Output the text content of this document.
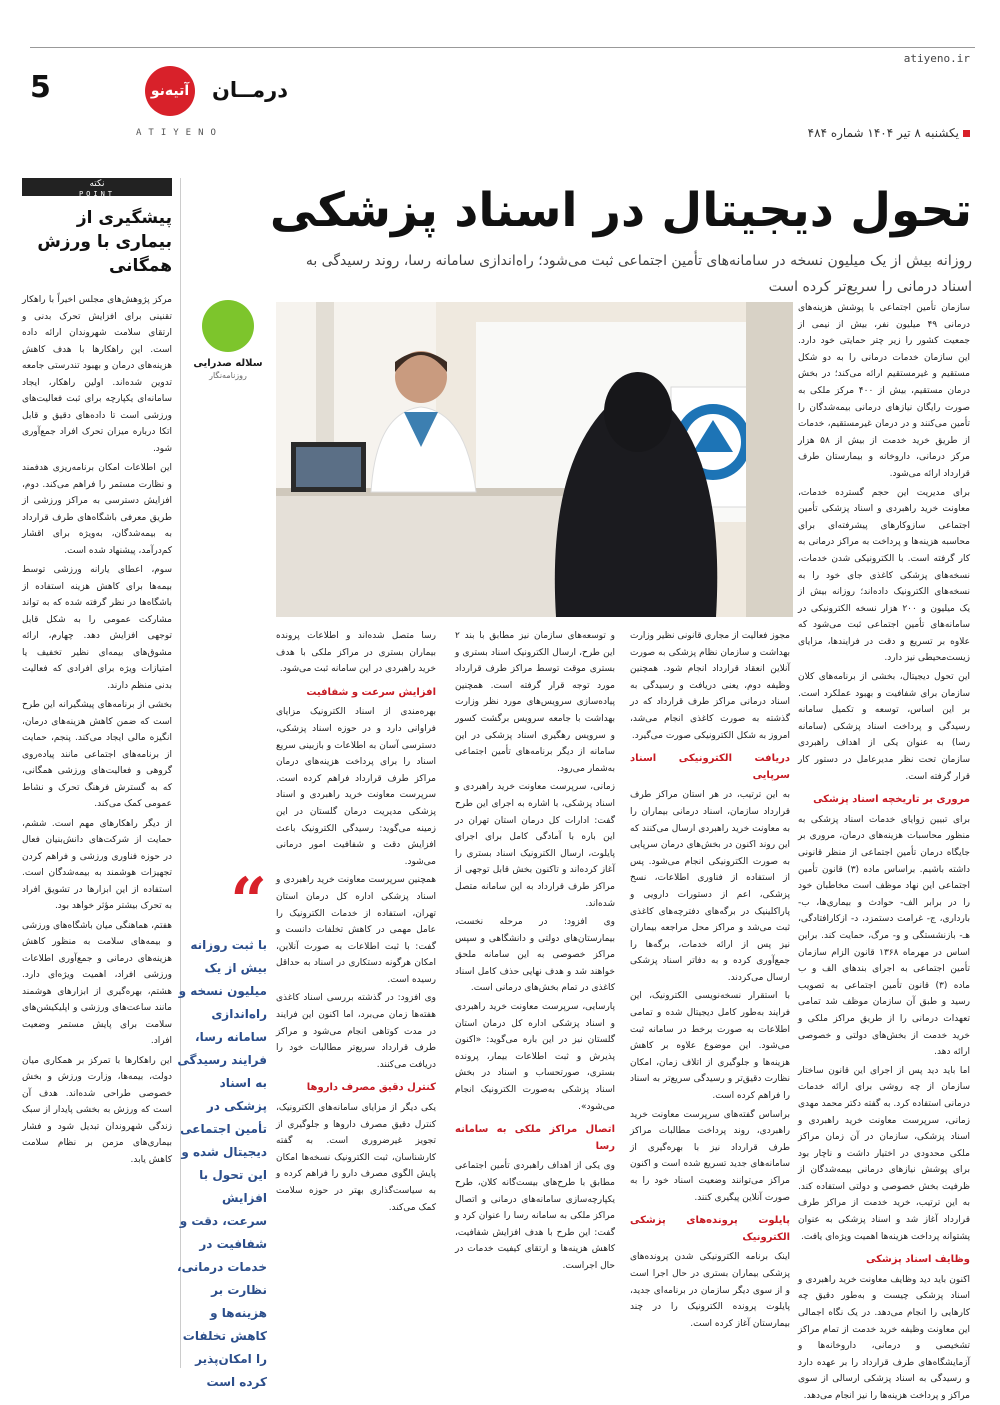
atiyeno.ir
5	درمــان
آتیه‌نو
ATIYENO	یکشنبه ۸ تیر ۱۴۰۴ شماره ۴۸۴
نکته
POINT
پیشگیری از بیماری با ورزش همگانی

مرکز پژوهش‌های مجلس اخیراً با راهکار تقنینی برای افزایش تحرک بدنی و ارتقای سلامت شهروندان ارائه داده است. این راهکارها با هدف کاهش هزینه‌های درمان و بهبود تندرستی جامعه تدوین شده‌اند. اولین راهکار، ایجاد سامانه‌ای یکپارچه برای ثبت فعالیت‌های ورزشی است تا داده‌های دقیق و قابل اتکا درباره میزان تحرک افراد جمع‌آوری شود.

این اطلاعات امکان برنامه‌ریزی هدفمند و نظارت مستمر را فراهم می‌کند. دوم، افزایش دسترسی به مراکز ورزشی از طریق معرفی باشگاه‌های طرف قرارداد به بیمه‌شدگان، به‌ویژه برای اقشار کم‌درآمد، پیشنهاد شده است.

سوم، اعطای یارانه ورزشی توسط بیمه‌ها برای کاهش هزینه استفاده از باشگاه‌ها در نظر گرفته شده که به تواند مشارکت عمومی را به شکل قابل توجهی افزایش دهد. چهارم، ارائه مشوق‌های بیمه‌ای نظیر تخفیف یا امتیازات ویژه برای افرادی که فعالیت بدنی منظم دارند.

بخشی از برنامه‌های پیشگیرانه این طرح است که ضمن کاهش هزینه‌های درمان، انگیزه مالی ایجاد می‌کند. پنجم، حمایت از برنامه‌های اجتماعی مانند پیاده‌روی گروهی و فعالیت‌های ورزشی همگانی، که به گسترش فرهنگ تحرک و نشاط عمومی کمک می‌کند.

از دیگر راهکارهای مهم است. ششم، حمایت از شرکت‌های دانش‌بنیان فعال در حوزه فناوری ورزشی و فراهم کردن تجهیزات هوشمند به بیمه‌شدگان است. استفاده از این ابزارها در تشویق افراد به تحرک بیشتر مؤثر خواهد بود.

هفتم، هماهنگی میان باشگاه‌های ورزشی و بیمه‌های سلامت به منظور کاهش هزینه‌های درمانی و جمع‌آوری اطلاعات ورزشی افراد، اهمیت ویژه‌ای دارد. هشتم، بهره‌گیری از ابزارهای هوشمند مانند ساعت‌های ورزشی و اپلیکیشن‌های سلامت برای پایش مستمر وضعیت افراد.

این راهکارها با تمرکز بر همکاری میان دولت، بیمه‌ها، وزارت ورزش و بخش خصوصی طراحی شده‌اند. هدف آن است که ورزش به بخشی پایدار از سبک زندگی شهروندان تبدیل شود و فشار بیماری‌های مزمن بر نظام سلامت کاهش یابد.

سلاله صدرایی
روزنامه‌نگار
“
با ثبت روزانه بیش از یک میلیون نسخه و راه‌اندازی سامانه رسا، فرایند رسیدگی به اسناد پزشکی در تأمین اجتماعی دیجیتال شده و این تحول با افزایش سرعت، دقت و شفافیت در خدمات درمانی، نظارت بر هزینه‌ها و کاهش تخلفات را امکان‌پذیر کرده است
تحول دیجیتال در اسناد پزشکی

روزانه بیش از یک میلیون نسخه در سامانه‌های تأمین اجتماعی ثبت می‌شود؛ راه‌اندازی سامانه رسا، روند رسیدگی به اسناد درمانی را سریع‌تر کرده است

سازمان تأمین اجتماعی با پوشش هزینه‌های درمانی ۴۹ میلیون نفر، بیش از نیمی از جمعیت کشور را زیر چتر حمایتی خود دارد. این سازمان خدمات درمانی را به دو شکل مستقیم و غیرمستقیم ارائه می‌کند؛ در بخش درمان مستقیم، بیش از ۴۰۰ مرکز ملکی به صورت رایگان نیازهای درمانی بیمه‌شدگان را تأمین می‌کنند و در درمان غیرمستقیم، خدمات از طریق خرید خدمت از بیش از ۵۸ هزار مرکز درمانی، داروخانه و بیمارستان طرف قرارداد ارائه می‌شود.

برای مدیریت این حجم گسترده خدمات، معاونت خرید راهبردی و اسناد پزشکی تأمین اجتماعی سازوکارهای پیشرفته‌ای برای محاسبه هزینه‌ها و پرداخت به مراکز درمانی به کار گرفته است. با الکترونیکی شدن خدمات، نسخه‌های پزشکی کاغذی جای خود را به نسخه‌های الکترونیک داده‌اند؛ روزانه بیش از یک میلیون و ۲۰۰ هزار نسخه الکترونیکی در سامانه‌های تأمین اجتماعی ثبت می‌شود که علاوه بر تسریع و دقت در فرایندها، مزایای زیست‌محیطی نیز دارد.

این تحول دیجیتال، بخشی از برنامه‌های کلان سازمان برای شفافیت و بهبود عملکرد است. بر این اساس، توسعه و تکمیل سامانه رسیدگی و پرداخت اسناد پزشکی (سامانه رسا) به عنوان یکی از اهداف راهبردی سازمان تحت نظر مدیرعامل در دستور کار قرار گرفته است.

مروری بر تاریخچه اسناد پزشکی

برای تبیین زوایای خدمات اسناد پزشکی به منظور محاسبات هزینه‌های درمان، مروری بر جایگاه درمان تأمین اجتماعی از منظر قانونی داشته باشیم. براساس ماده (۳) قانون تأمین اجتماعی این نهاد موظف است مخاطبان خود را در برابر الف- حوادث و بیماری‌ها، ب- بارداری، ج- غرامت دستمزد، د- ازکارافتادگی، هـ- بازنشستگی و و- مرگ، حمایت کند. براین اساس در مهرماه ۱۳۶۸ قانون الزام سازمان تأمین اجتماعی به اجرای بندهای الف و ب ماده (۳) قانون تأمین اجتماعی به تصویب رسید و طبق آن سازمان موظف شد تمامی تعهدات درمانی را از طریق مراکز ملکی و خرید خدمت از بخش‌های دولتی و خصوصی ارائه دهد.

اما باید دید پس از اجرای این قانون ساختار سازمان از چه روشی برای ارائه خدمات درمانی استفاده کرد. به گفته دکتر محمد مهدی زمانی، سرپرست معاونت خرید راهبردی و اسناد پزشکی، سازمان در آن زمان مراکز ملکی محدودی در اختیار داشت و ناچار بود برای پوشش نیازهای درمانی بیمه‌شدگان از ظرفیت بخش خصوصی و دولتی استفاده کند. به این ترتیب، خرید خدمت از مراکز طرف قرارداد آغاز شد و اسناد پزشکی به عنوان پشتوانه پرداخت هزینه‌ها اهمیت ویژه‌ای یافت.

وظایف اسناد پزشکی

اکنون باید دید وظایف معاونت خرید راهبردی و اسناد پزشکی چیست و به‌طور دقیق چه کارهایی را انجام می‌دهد. در یک نگاه اجمالی این معاونت وظیفه خرید خدمت از تمام مراکز تشخیصی و درمانی، داروخانه‌ها و آزمایشگاه‌های طرف قرارداد را بر عهده دارد و رسیدگی به اسناد پزشکی ارسالی از سوی مراکز و پرداخت هزینه‌ها را نیز انجام می‌دهد.

مجوز فعالیت از مجاری قانونی نظیر وزارت بهداشت و سازمان نظام پزشکی به صورت آنلاین انعقاد قرارداد انجام شود. همچنین وظیفه دوم، یعنی دریافت و رسیدگی به اسناد درمانی مراکز طرف قرارداد که در گذشته به صورت کاغذی انجام می‌شد، امروز به شکل الکترونیکی صورت می‌گیرد.

دریافت الکترونیکی اسناد سرپایی

به این ترتیب، در هر استان مراکز طرف قرارداد سازمان، اسناد درمانی بیماران را به معاونت خرید راهبردی ارسال می‌کنند که این روند اکنون در بخش‌های درمان سرپایی به صورت الکترونیکی انجام می‌شود. پس از استفاده از فناوری اطلاعات، نسخ پزشکی، اعم از دستورات دارویی و پاراکلینیک در برگه‌های دفترچه‌های کاغذی ثبت می‌شد و مراکز محل مراجعه بیماران نیز پس از ارائه خدمات، برگه‌ها را جمع‌آوری کرده و به دفاتر اسناد پزشکی ارسال می‌کردند.

با استقرار نسخه‌نویسی الکترونیک، این فرایند به‌طور کامل دیجیتال شده و تمامی اطلاعات به صورت برخط در سامانه ثبت می‌شود. این موضوع علاوه بر کاهش هزینه‌ها و جلوگیری از اتلاف زمان، امکان نظارت دقیق‌تر و رسیدگی سریع‌تر به اسناد را فراهم کرده است.

براساس گفته‌های سرپرست معاونت خرید راهبردی، روند پرداخت مطالبات مراکز طرف قرارداد نیز با بهره‌گیری از سامانه‌های جدید تسریع شده است و اکنون مراکز می‌توانند وضعیت اسناد خود را به صورت آنلاین پیگیری کنند.

پایلوت پرونده‌های پزشکی الکترونیک

اینک برنامه الکترونیکی شدن پرونده‌های پزشکی بیماران بستری در حال اجرا است و از سوی دیگر سازمان در برنامه‌ای جدید، پایلوت پرونده الکترونیک را در چند بیمارستان آغاز کرده است.

و توسعه‌های سازمان نیز مطابق با بند ۲ این طرح، ارسال الکترونیک اسناد بستری و بستری موقت توسط مراکز طرف قرارداد مورد توجه قرار گرفته است. همچنین پیاده‌سازی سرویس‌های مورد نظر وزارت بهداشت با جامعه سرویس برگشت کسور و سرویس رهگیری اسناد پزشکی در این سامانه از دیگر برنامه‌های تأمین اجتماعی به‌شمار می‌رود.

زمانی، سرپرست معاونت خرید راهبردی و اسناد پزشکی، با اشاره به اجرای این طرح گفت: ادارات کل درمان استان تهران در این باره با آمادگی کامل برای اجرای پایلوت، ارسال الکترونیک اسناد بستری را آغاز کرده‌اند و تاکنون بخش قابل توجهی از مراکز طرف قرارداد به این سامانه متصل شده‌اند.

وی افزود: در مرحله نخست، بیمارستان‌های دولتی و دانشگاهی و سپس مراکز خصوصی به این سامانه ملحق خواهند شد و هدف نهایی حذف کامل اسناد کاغذی در تمام بخش‌های درمانی است.

پارسایی، سرپرست معاونت خرید راهبردی و اسناد پزشکی اداره کل درمان استان گلستان نیز در این باره می‌گوید: «اکنون پذیرش و ثبت اطلاعات بیمار، پرونده بستری، صورتحساب و اسناد در بخش اسناد پزشکی به‌صورت الکترونیک انجام می‌شود».

اتصال مراکز ملکی به سامانه رسا

وی یکی از اهداف راهبردی تأمین اجتماعی مطابق با طرح‌های بیست‌گانه کلان، طرح یکپارچه‌سازی سامانه‌های درمانی و اتصال مراکز ملکی به سامانه رسا را عنوان کرد و گفت: این طرح با هدف افزایش شفافیت، کاهش هزینه‌ها و ارتقای کیفیت خدمات در حال اجراست.

رسا متصل شده‌اند و اطلاعات پرونده بیماران بستری در مراکز ملکی با هدف خرید راهبردی در این سامانه ثبت می‌شود.

افزایش سرعت و شفافیت

بهره‌مندی از اسناد الکترونیک مزایای فراوانی دارد و در حوزه اسناد پزشکی، دسترسی آسان به اطلاعات و بازبینی سریع اسناد را برای پرداخت هزینه‌های درمان مراکز طرف قرارداد فراهم کرده است. سرپرست معاونت خرید راهبردی و اسناد پزشکی مدیریت درمان گلستان در این زمینه می‌گوید: رسیدگی الکترونیک باعث افزایش دقت و شفافیت امور درمانی می‌شود.

همچنین سرپرست معاونت خرید راهبردی و اسناد پزشکی اداره کل درمان استان تهران، استفاده از خدمات الکترونیک را عامل مهمی در کاهش تخلفات دانست و گفت: با ثبت اطلاعات به صورت آنلاین، امکان هرگونه دستکاری در اسناد به حداقل رسیده است.

وی افزود: در گذشته بررسی اسناد کاغذی هفته‌ها زمان می‌برد، اما اکنون این فرایند در مدت کوتاهی انجام می‌شود و مراکز طرف قرارداد سریع‌تر مطالبات خود را دریافت می‌کنند.

کنترل دقیق مصرف داروها

یکی دیگر از مزایای سامانه‌های الکترونیک، کنترل دقیق مصرف داروها و جلوگیری از تجویز غیرضروری است. به گفته کارشناسان، ثبت الکترونیک نسخه‌ها امکان پایش الگوی مصرف دارو را فراهم کرده و به سیاست‌گذاری بهتر در حوزه سلامت کمک می‌کند.
